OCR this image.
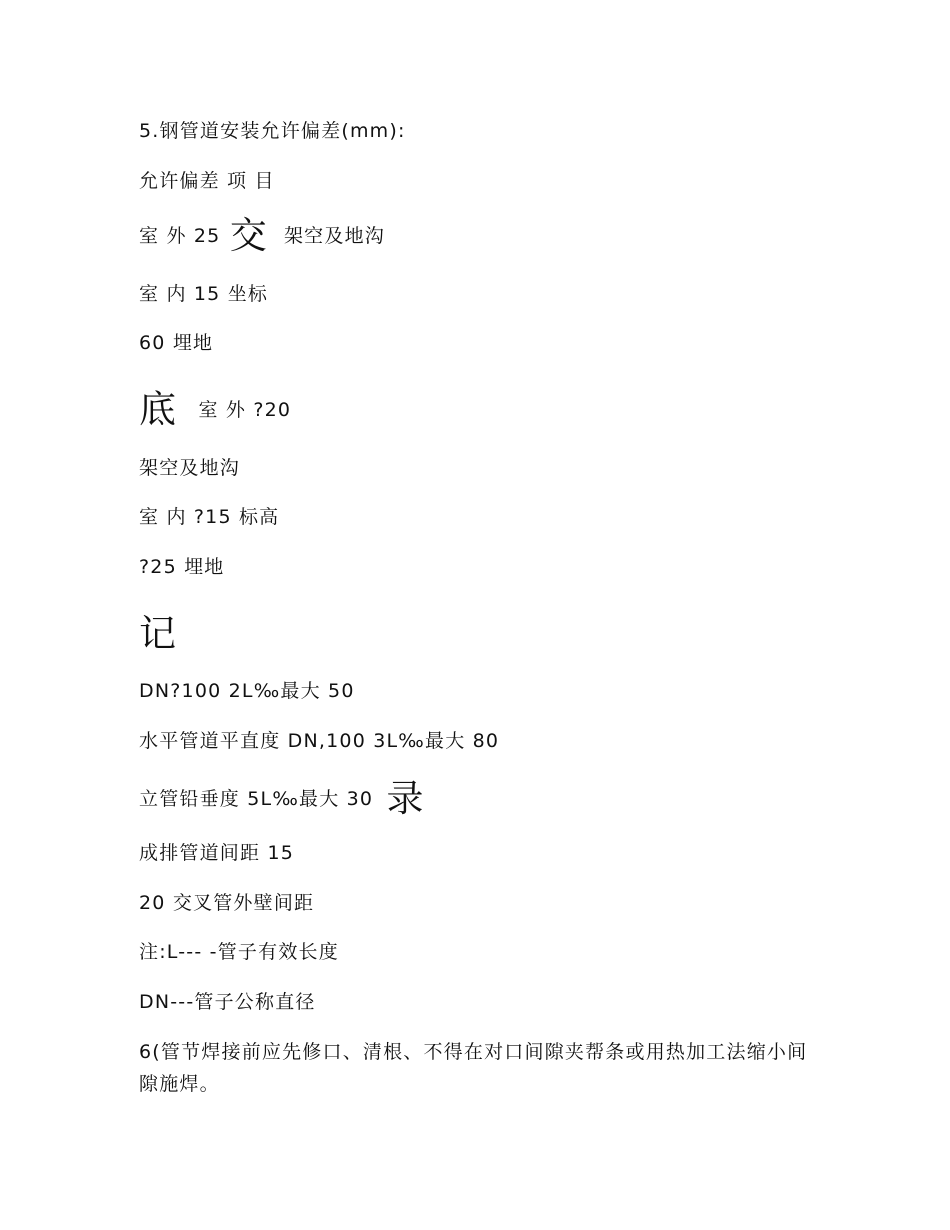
5.钢管道安装允许偏差(mm):
允许偏差 项 目
室 外 25 交 架空及地沟
室 内 15 坐标
60 埋地
底 室 外 ?20
架空及地沟
室 内 ?15 标高
?25 埋地
记
DN?100 2L‰最大 50
水平管道平直度 DN,100 3L‰最大 80
立管铅垂度 5L‰最大 30 录
成排管道间距 15
20 交叉管外壁间距
注:L--- -管子有效长度
DN---管子公称直径
6(管节焊接前应先修口、清根、不得在对口间隙夹帮条或用热加工法缩小间隙施焊。
